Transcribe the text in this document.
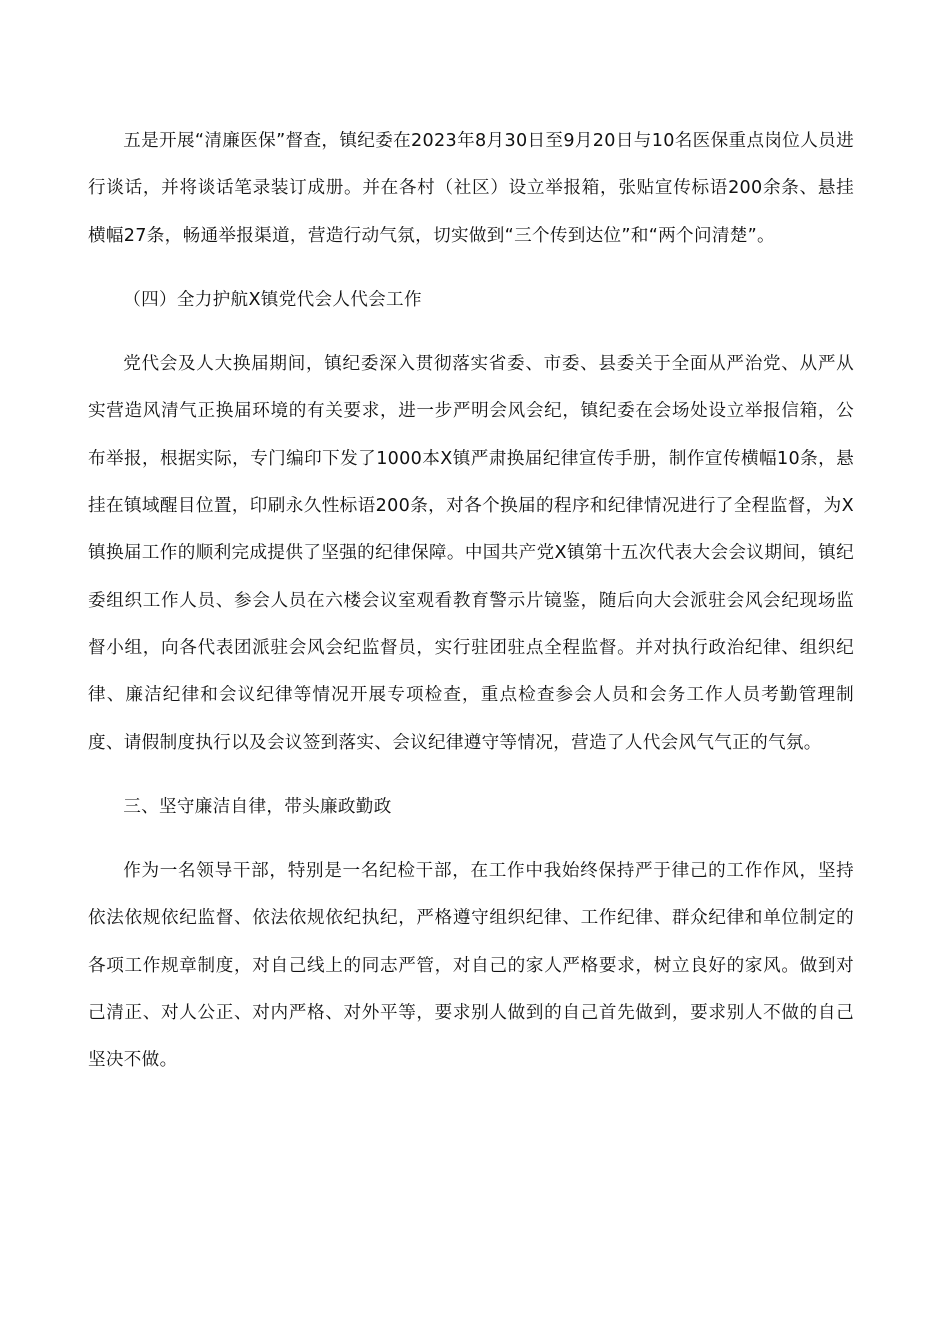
五是开展“清廉医保”督查，镇纪委在2023年8月30日至9月20日与10名医保重点岗位人员进行谈话，并将谈话笔录装订成册。并在各村（社区）设立举报箱，张贴宣传标语200余条、悬挂横幅27条，畅通举报渠道，营造行动气氛，切实做到“三个传到达位”和“两个问清楚”。

（四）全力护航X镇党代会人代会工作

党代会及人大换届期间，镇纪委深入贯彻落实省委、市委、县委关于全面从严治党、从严从实营造风清气正换届环境的有关要求，进一步严明会风会纪，镇纪委在会场处设立举报信箱，公布举报，根据实际，专门编印下发了1000本X镇严肃换届纪律宣传手册，制作宣传横幅10条，悬挂在镇域醒目位置，印刷永久性标语200条，对各个换届的程序和纪律情况进行了全程监督，为X镇换届工作的顺利完成提供了坚强的纪律保障。中国共产党X镇第十五次代表大会会议期间，镇纪委组织工作人员、参会人员在六楼会议室观看教育警示片镜鉴，随后向大会派驻会风会纪现场监督小组，向各代表团派驻会风会纪监督员，实行驻团驻点全程监督。并对执行政治纪律、组织纪律、廉洁纪律和会议纪律等情况开展专项检查，重点检查参会人员和会务工作人员考勤管理制度、请假制度执行以及会议签到落实、会议纪律遵守等情况，营造了人代会风气气正的气氛。

三、坚守廉洁自律，带头廉政勤政

作为一名领导干部，特别是一名纪检干部，在工作中我始终保持严于律己的工作作风，坚持依法依规依纪监督、依法依规依纪执纪，严格遵守组织纪律、工作纪律、群众纪律和单位制定的各项工作规章制度，对自己线上的同志严管，对自己的家人严格要求，树立良好的家风。做到对己清正、对人公正、对内严格、对外平等，要求别人做到的自己首先做到，要求别人不做的自己坚决不做。
